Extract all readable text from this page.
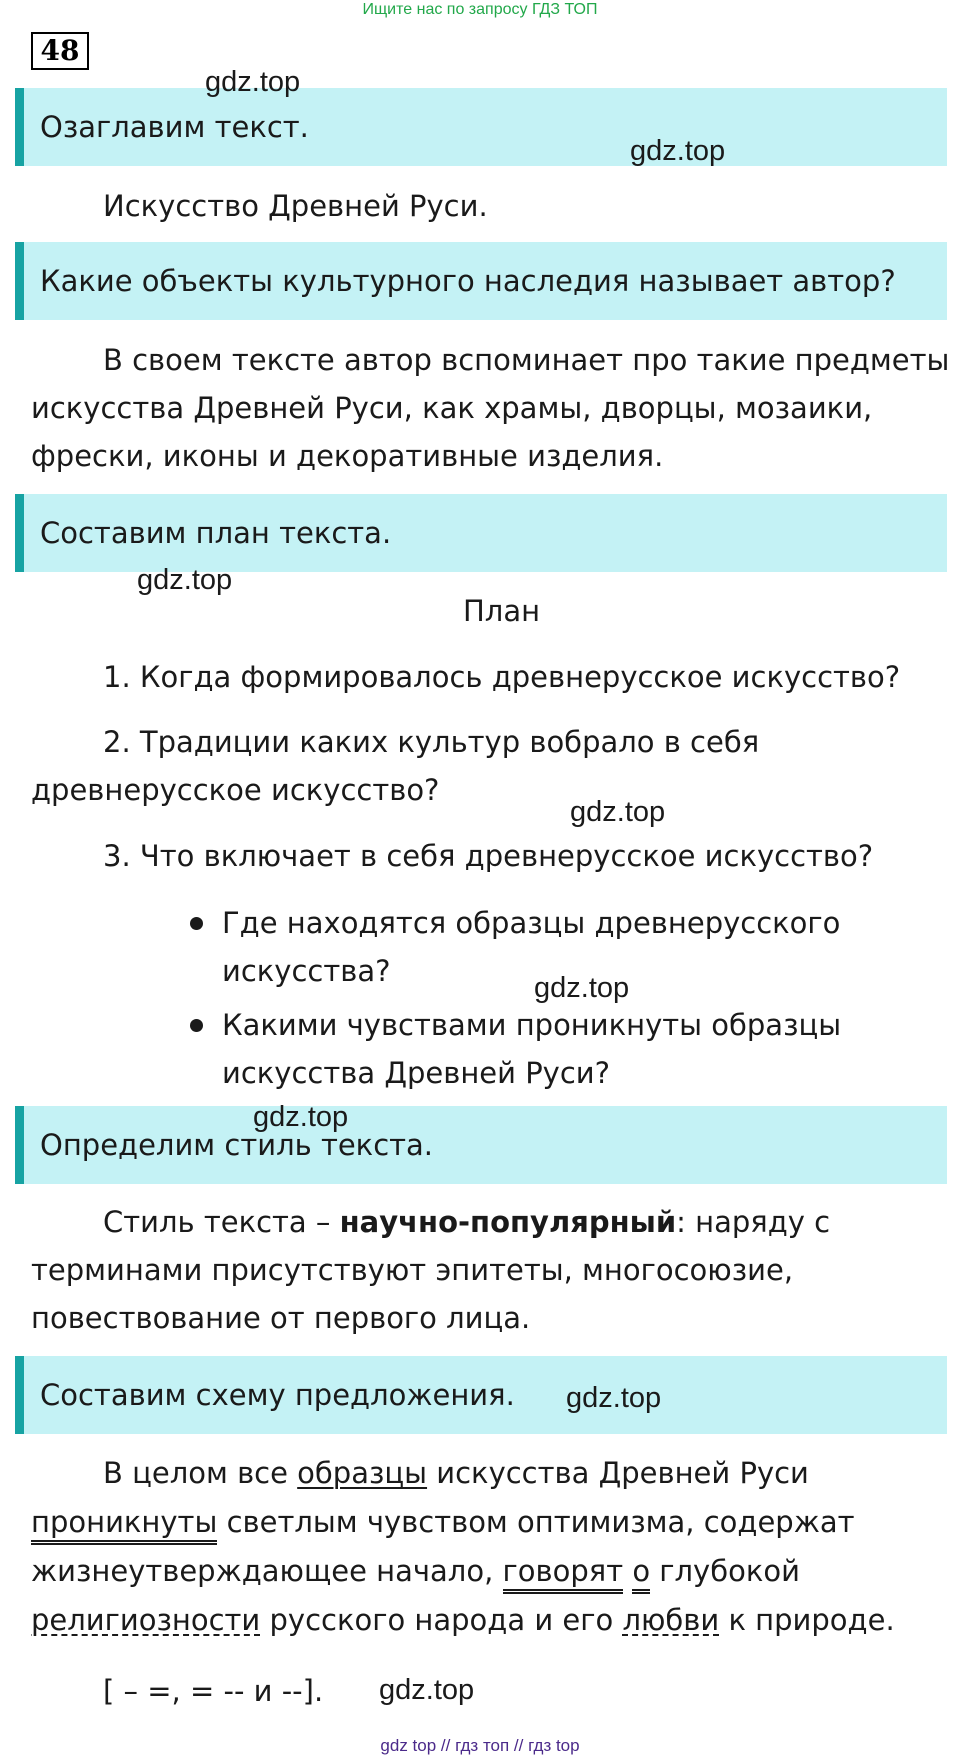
Ищите нас по запросу ГДЗ ТОП
48
Озаглавим текст.
Искусство Древней Руси.
Какие объекты культурного наследия называет автор?
В своем тексте автор вспоминает про такие предметы
искусства Древней Руси, как храмы, дворцы, мозаики,
фрески, иконы и декоративные изделия.
Составим план текста.
План
1. Когда формировалось древнерусское искусство?
2. Традиции каких культур вобрало в себя
древнерусское искусство?
3. Что включает в себя древнерусское искусство?
Где находятся образцы древнерусского
искусства?
Какими чувствами проникнуты образцы
искусства Древней Руси?
Определим стиль текста.
Стиль текста – научно-популярный: наряду с
терминами присутствуют эпитеты, многосоюзие,
повествование от первого лица.
Составим схему предложения.
В целом все образцы искусства Древней Руси
проникнуты светлым чувством оптимизма, содержат
жизнеутверждающее начало, говорят о глубокой
религиозности русского народа и его любви к природе.
[ – =, = -- и --].
gdz.top
gdz.top
gdz.top
gdz.top
gdz.top
gdz.top
gdz.top
gdz.top
gdz top // гдз топ // гдз top
